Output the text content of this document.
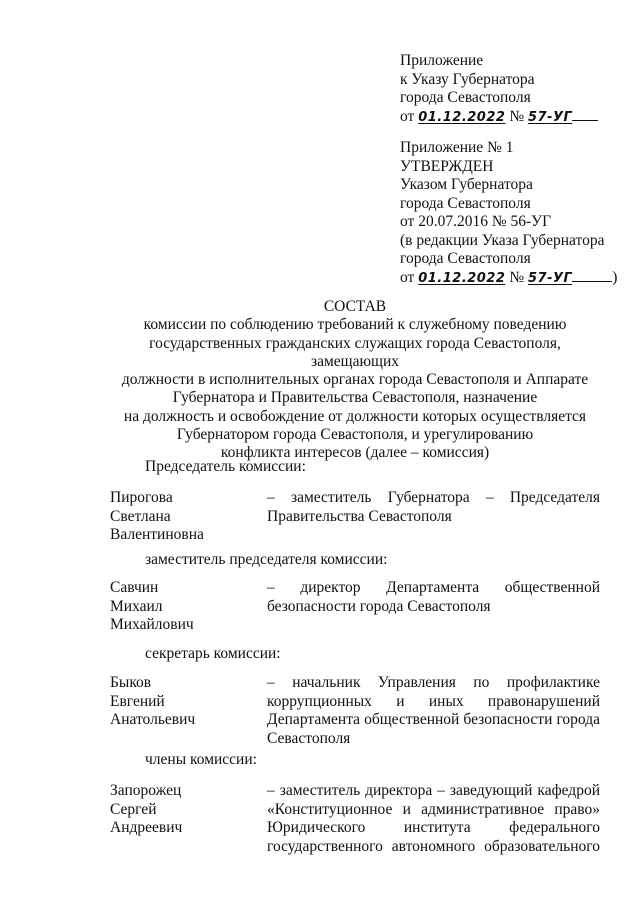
Приложение
к Указу Губернатора
города Севастополя
от 01.12.2022 № 57-УГ
Приложение № 1
УТВЕРЖДЕН
Указом Губернатора
города Севастополя
от 20.07.2016 № 56-УГ
(в редакции Указа Губернатора
города Севастополя
от 01.12.2022 № 57-УГ	)
СОСТАВ
комиссии по соблюдению требований к служебному поведению
государственных гражданских служащих города Севастополя, замещающих
должности в исполнительных органах города Севастополя и Аппарате
Губернатора и Правительства Севастополя, назначение
на должность и освобождение от должности которых осуществляется
Губернатором города Севастополя, и урегулированию
конфликта интересов (далее – комиссия)
Председатель комиссии:
Пирогова
Светлана
Валентиновна
– заместитель Губернатора – Председателя
Правительства Севастополя
заместитель председателя комиссии:
Савчин
Михаил
Михайлович
– директор Департамента общественной
безопасности города Севастополя
секретарь комиссии:
Быков
Евгений
Анатольевич
– начальник Управления по профилактике
коррупционных и иных правонарушений
Департамента общественной безопасности города
Севастополя
члены комиссии:
Запорожец
Сергей
Андреевич
– заместитель директора – заведующий кафедрой
«Конституционное и административное право»
Юридического института федерального
государственного автономного образовательного
